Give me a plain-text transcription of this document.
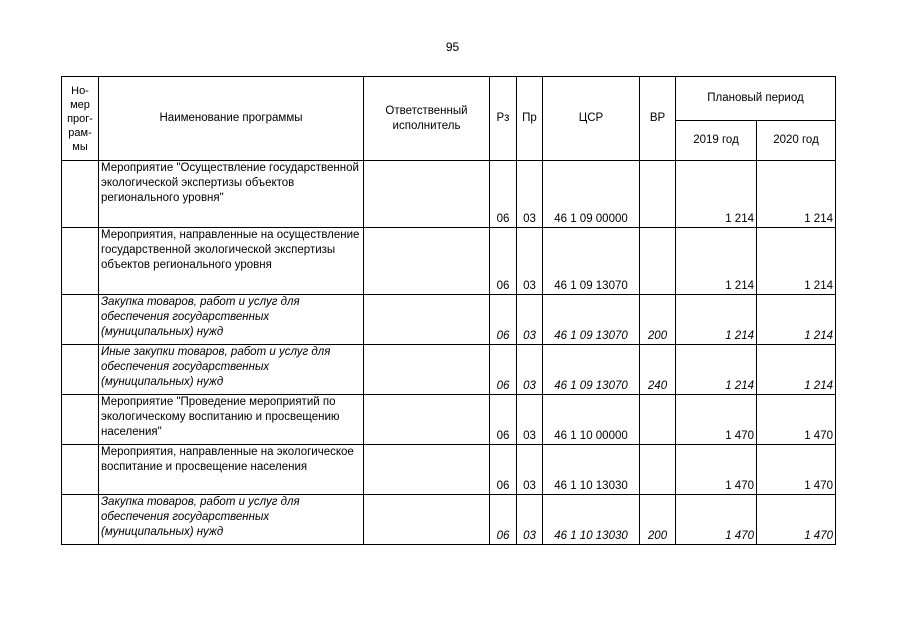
95
Но-
мер
прог-
рам-
мы	Наименование программы	Ответственный исполнитель	Рз	Пр	ЦСР	ВР	Плановый период	
							2019 год	2020 год
	Мероприятие "Осуществление государственной экологической экспертизы объектов регионального уровня"		06	03	46 1 09 00000		1 214	1 214
	Мероприятия, направленные на осуществление государственной экологической экспертизы объектов регионального уровня		06	03	46 1 09 13070		1 214	1 214
	Закупка товаров, работ и услуг для обеспечения государственных (муниципальных) нужд		06	03	46 1 09 13070	200	1 214	1 214
	Иные закупки товаров, работ и услуг для обеспечения государственных (муниципальных) нужд		06	03	46 1 09 13070	240	1 214	1 214
	Мероприятие "Проведение мероприятий по экологическому воспитанию и просвещению населения"		06	03	46 1 10 00000		1 470	1 470
	Мероприятия, направленные на экологическое воспитание и просвещение населения		06	03	46 1 10 13030		1 470	1 470
	Закупка товаров, работ и услуг для обеспечения государственных (муниципальных) нужд		06	03	46 1 10 13030	200	1 470	1 470
